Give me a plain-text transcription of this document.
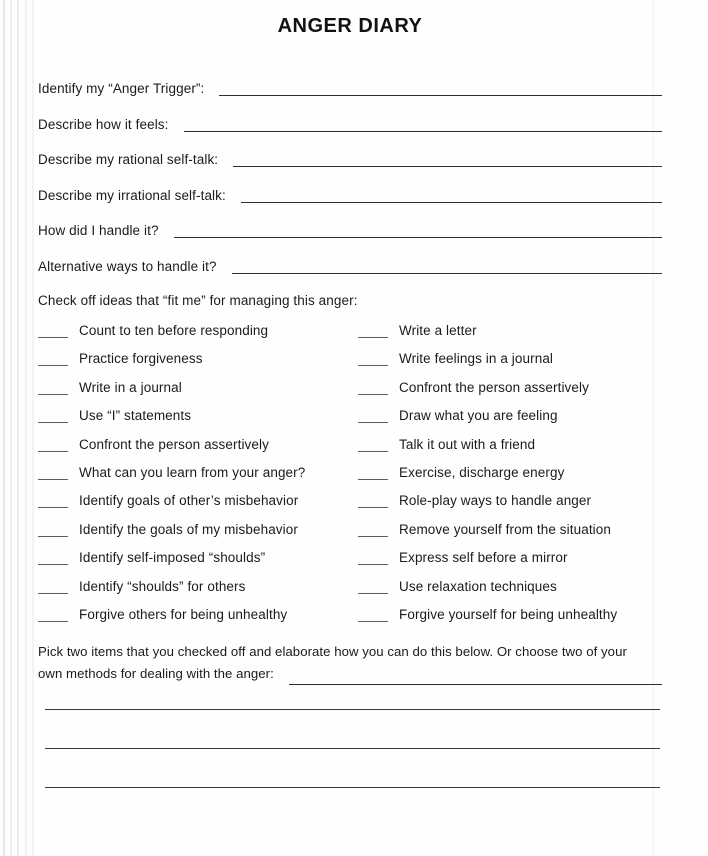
ANGER DIARY
Identify my “Anger Trigger”:
Describe how it feels:
Describe my rational self-talk:
Describe my irrational self-talk:
How did I handle it?
Alternative ways to handle it?
Check off ideas that “fit me” for managing this anger:
Count to ten before responding
Practice forgiveness
Write in a journal
Use “I” statements
Confront the person assertively
What can you learn from your anger?
Identify goals of other’s misbehavior
Identify the goals of my misbehavior
Identify self-imposed “shoulds”
Identify “shoulds” for others
Forgive others for being unhealthy
Write a letter
Write feelings in a journal
Confront the person assertively
Draw what you are feeling
Talk it out with a friend
Exercise, discharge energy
Role-play ways to handle anger
Remove yourself from the situation
Express self before a mirror
Use relaxation techniques
Forgive yourself for being unhealthy
Pick two items that you checked off and elaborate how you can do this below. Or choose two of your
own methods for dealing with the anger:
